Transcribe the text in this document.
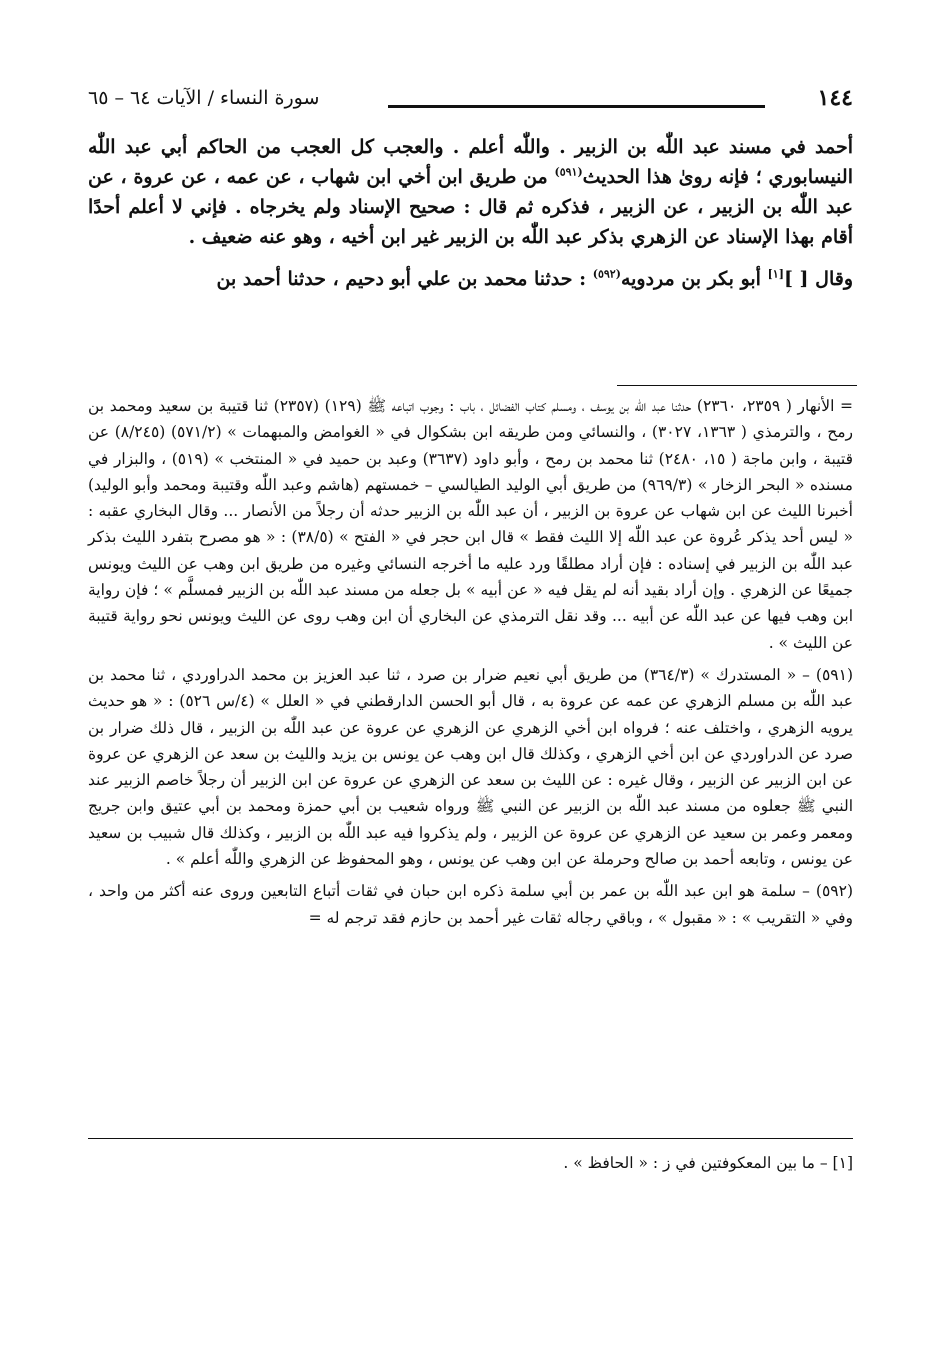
١٤٤
سورة النساء / الآيات ٦٤ – ٦٥

أحمد في مسند عبد اللّٰه بن الزبير . واللّٰه أعلم . والعجب كل العجب من الحاكم أبي عبد اللّٰه النيسابوري ؛ فإنه روىٰ هذا الحديث$^{(٥٩١)}$ من طريق ابن أخي ابن شهاب ، عن عمه ، عن عروة ، عن عبد اللّٰه بن الزبير ، عن الزبير ، فذكره ثم قال : صحيح الإسناد ولم يخرجاه . فإني لا أعلم أحدًا أقام بهذا الإسناد عن الزهري بذكر عبد اللّٰه بن الزبير غير ابن أخيه ، وهو عنه ضعيف .

وقال [ ][١] أبو بكر بن مردويه$^{(٥٩٢)}$ : حدثنا محمد بن علي أبو دحيم ، حدثنا أحمد بن

= الأنهار ( ٢٣٥٩، ٢٣٦٠) حدثنا عبد اللّٰه بن يوسف ، ومسلم كتاب الفضائل ، باب : وجوب اتباعه ﷺ (١٢٩) (٢٣٥٧) ثنا قتيبة بن سعيد ومحمد بن رمح ، والترمذي ( ١٣٦٣، ٣٠٢٧) ، والنسائي ومن طريقه ابن بشكوال في « الغوامض والمبهمات » (٥٧١/٢) (٨/٢٤٥) عن قتيبة ، وابن ماجة ( ١٥، ٢٤٨٠) ثنا محمد بن رمح ، وأبو داود (٣٦٣٧) وعبد بن حميد في « المنتخب » (٥١٩) ، والبزار في مسنده « البحر الزخار » (٩٦٩/٣) من طريق أبي الوليد الطيالسي – خمستهم (هاشم وعبد اللّٰه وقتيبة ومحمد وأبو الوليد) أخبرنا الليث عن ابن شهاب عن عروة بن الزبير ، أن عبد اللّٰه بن الزبير حدثه أن رجلاً من الأنصار ... وقال البخاري عقبه : « ليس أحد يذكر عُروة عن عبد اللّٰه إلا الليث فقط » قال ابن حجر في « الفتح » (٣٨/٥) : « هو مصرح بتفرد الليث بذكر عبد اللّٰه بن الزبير في إسناده : فإن أراد مطلقًا ورد عليه ما أخرجه النسائي وغيره من طريق ابن وهب عن الليث ويونس جميعًا عن الزهري . وإن أراد بقيد أنه لم يقل فيه « عن أبيه » بل جعله من مسند عبد اللّٰه بن الزبير فمسلَّم » ؛ فإن رواية ابن وهب فيها عن عبد اللّٰه عن أبيه ... وقد نقل الترمذي عن البخاري أن ابن وهب روى عن الليث ويونس نحو رواية قتيبة عن الليث » .

(٥٩١) – « المستدرك » (٣٦٤/٣) من طريق أبي نعيم ضرار بن صرد ، ثنا عبد العزيز بن محمد الدراوردي ، ثنا محمد بن عبد اللّٰه بن مسلم الزهري عن عمه عن عروة به ، قال أبو الحسن الدارقطني في « العلل » (٤/س ٥٢٦) : « هو حديث يرويه الزهري ، واختلف عنه ؛ فرواه ابن أخي الزهري عن الزهري عن عروة عن عبد اللّٰه بن الزبير ، قال ذلك ضرار بن صرد عن الدراوردي عن ابن أخي الزهري ، وكذلك قال ابن وهب عن يونس بن يزيد والليث بن سعد عن الزهري عن عروة عن ابن الزبير عن الزبير ، وقال غيره : عن الليث بن سعد عن الزهري عن عروة عن ابن الزبير أن رجلاً خاصم الزبير عند النبي ﷺ جعلوه من مسند عبد اللّٰه بن الزبير عن النبي ﷺ ورواه شعيب بن أبي حمزة ومحمد بن أبي عتيق وابن جريج ومعمر وعمر بن سعيد عن الزهري عن عروة عن الزبير ، ولم يذكروا فيه عبد اللّٰه بن الزبير ، وكذلك قال شبيب بن سعيد عن يونس ، وتابعه أحمد بن صالح وحرملة عن ابن وهب عن يونس ، وهو المحفوظ عن الزهري واللّٰه أعلم » .

(٥٩٢) – سلمة هو ابن عبد اللّٰه بن عمر بن أبي سلمة ذكره ابن حبان في ثقات أتباع التابعين وروى عنه أكثر من واحد ، وفي « التقريب » : « مقبول » ، وباقي رجاله ثقات غير أحمد بن حازم فقد ترجم له =

[١] – ما بين المعكوفتين في ز : « الحافظ » .
